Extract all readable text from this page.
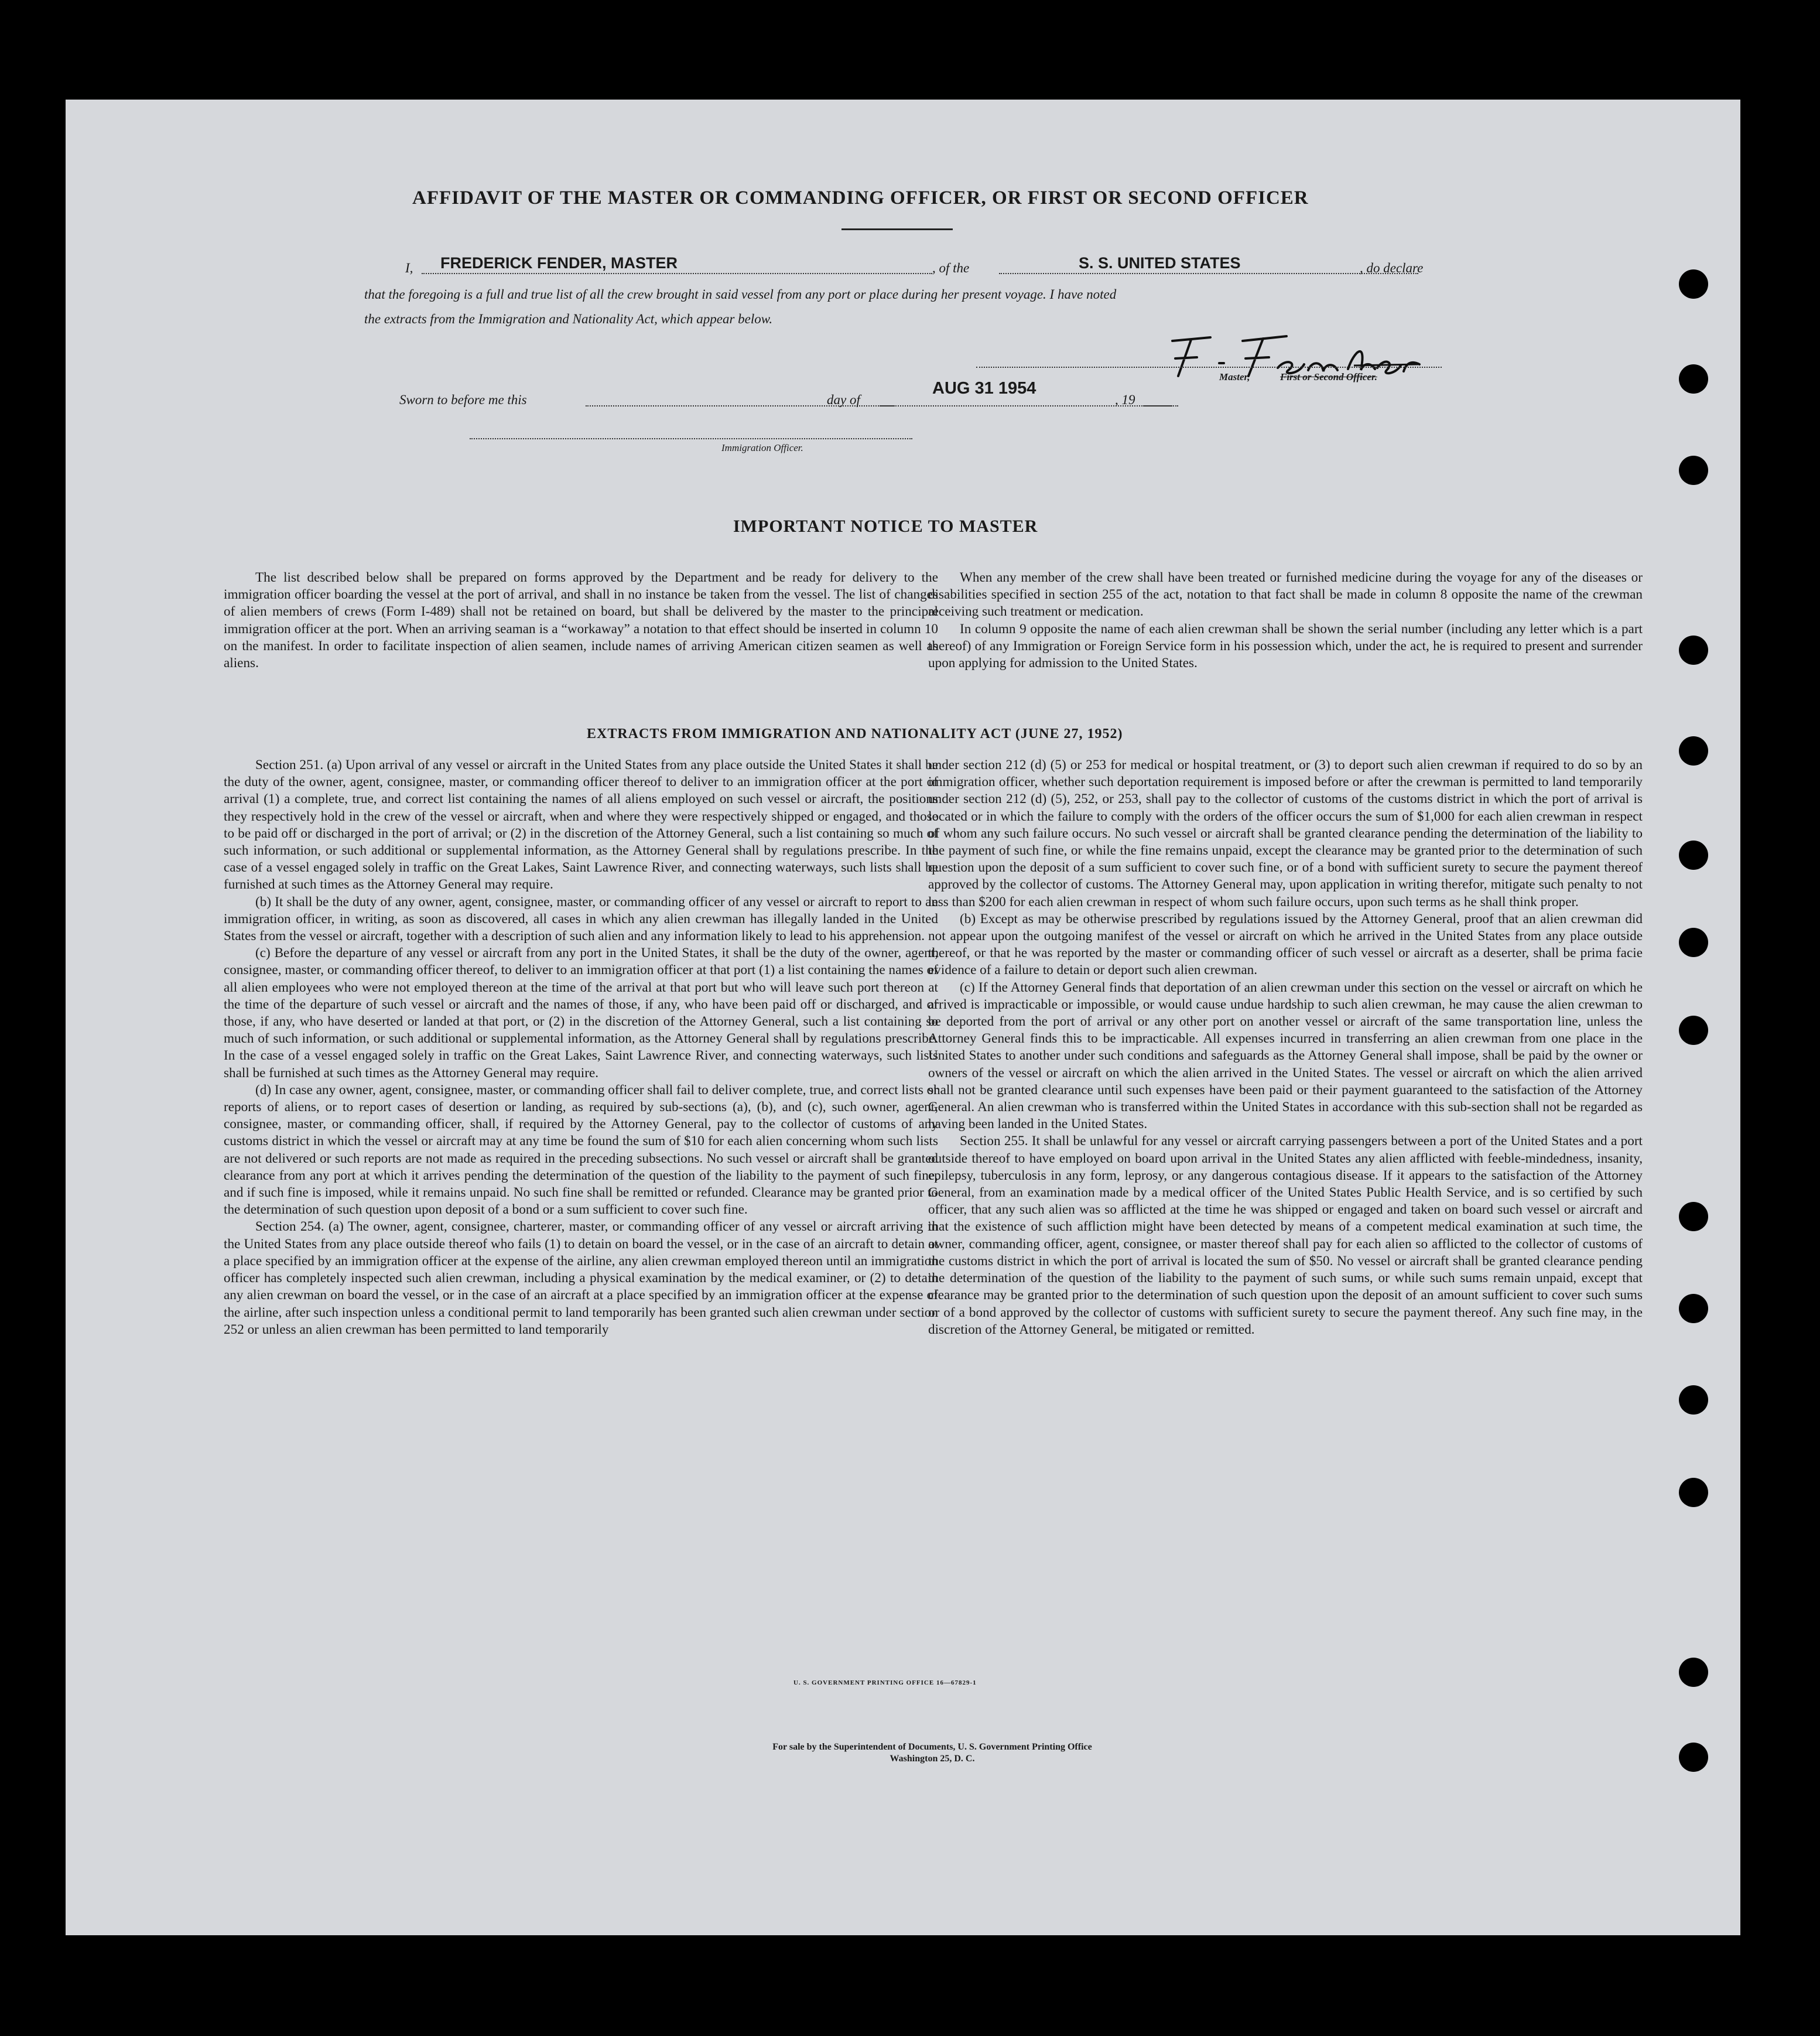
AFFIDAVIT OF THE MASTER OR COMMANDING OFFICER, OR FIRST OR SECOND OFFICER
I, FREDERICK FENDER, MASTER	, of the	S. S. UNITED STATES	, do declare
that the foregoing is a full and true list of all the crew brought in said vessel from any port or place during her present voyage. I have noted
the extracts from the Immigration and Nationality Act, which appear below.
Master,	First or Second Officer.
Sworn to before me this	day of
AUG 31 1954
, 19
Immigration Officer.
IMPORTANT NOTICE TO MASTER

The list described below shall be prepared on forms approved by the Department and be ready for delivery to the immigration officer boarding the vessel at the port of arrival, and shall in no instance be taken from the vessel. The list of changes of alien members of crews (Form I-489) shall not be retained on board, but shall be delivered by the master to the principal immigration officer at the port. When an arriving seaman is a “workaway” a notation to that effect should be inserted in column 10 on the manifest. In order to facilitate inspection of alien seamen, include names of arriving American citizen seamen as well as aliens.

When any member of the crew shall have been treated or furnished medicine during the voyage for any of the diseases or disabilities specified in section 255 of the act, notation to that fact shall be made in column 8 opposite the name of the crewman receiving such treatment or medication.

In column 9 opposite the name of each alien crewman shall be shown the serial number (including any letter which is a part thereof) of any Immigration or Foreign Service form in his possession which, under the act, he is required to present and surrender upon applying for admission to the United States.

EXTRACTS FROM IMMIGRATION AND NATIONALITY ACT (JUNE 27, 1952)

Section 251. (a) Upon arrival of any vessel or aircraft in the United States from any place outside the United States it shall be the duty of the owner, agent, consignee, master, or commanding officer thereof to deliver to an immigration officer at the port of arrival (1) a complete, true, and correct list containing the names of all aliens employed on such vessel or aircraft, the positions they respectively hold in the crew of the vessel or aircraft, when and where they were respectively shipped or engaged, and those to be paid off or discharged in the port of arrival; or (2) in the discretion of the Attorney General, such a list containing so much of such information, or such additional or supplemental information, as the Attorney General shall by regulations prescribe. In the case of a vessel engaged solely in traffic on the Great Lakes, Saint Lawrence River, and connecting waterways, such lists shall be furnished at such times as the Attorney General may require.

(b) It shall be the duty of any owner, agent, consignee, master, or commanding officer of any vessel or aircraft to report to an immigration officer, in writing, as soon as discovered, all cases in which any alien crewman has illegally landed in the United States from the vessel or aircraft, together with a description of such alien and any information likely to lead to his apprehension.

(c) Before the departure of any vessel or aircraft from any port in the United States, it shall be the duty of the owner, agent, consignee, master, or commanding officer thereof, to deliver to an immigration officer at that port (1) a list containing the names of all alien employees who were not employed thereon at the time of the arrival at that port but who will leave such port thereon at the time of the departure of such vessel or aircraft and the names of those, if any, who have been paid off or discharged, and of those, if any, who have deserted or landed at that port, or (2) in the discretion of the Attorney General, such a list containing so much of such information, or such additional or supplemental information, as the Attorney General shall by regulations prescribe. In the case of a vessel engaged solely in traffic on the Great Lakes, Saint Lawrence River, and connecting waterways, such lists shall be furnished at such times as the Attorney General may require.

(d) In case any owner, agent, consignee, master, or commanding officer shall fail to deliver complete, true, and correct lists or reports of aliens, or to report cases of desertion or landing, as required by sub-sections (a), (b), and (c), such owner, agent, consignee, master, or commanding officer, shall, if required by the Attorney General, pay to the collector of customs of any customs district in which the vessel or aircraft may at any time be found the sum of $10 for each alien concerning whom such lists are not delivered or such reports are not made as required in the preceding subsections. No such vessel or aircraft shall be granted clearance from any port at which it arrives pending the determination of the question of the liability to the payment of such fine, and if such fine is imposed, while it remains unpaid. No such fine shall be remitted or refunded. Clearance may be granted prior to the determination of such question upon deposit of a bond or a sum sufficient to cover such fine.

Section 254. (a) The owner, agent, consignee, charterer, master, or commanding officer of any vessel or aircraft arriving in the United States from any place outside thereof who fails (1) to detain on board the vessel, or in the case of an aircraft to detain at a place specified by an immigration officer at the expense of the airline, any alien crewman employed thereon until an immigration officer has completely inspected such alien crewman, including a physical examination by the medical examiner, or (2) to detain any alien crewman on board the vessel, or in the case of an aircraft at a place specified by an immigration officer at the expense of the airline, after such inspection unless a conditional permit to land temporarily has been granted such alien crewman under section 252 or unless an alien crewman has been permitted to land temporarily

under section 212 (d) (5) or 253 for medical or hospital treatment, or (3) to deport such alien crewman if required to do so by an immigration officer, whether such deportation requirement is imposed before or after the crewman is permitted to land temporarily under section 212 (d) (5), 252, or 253, shall pay to the collector of customs of the customs district in which the port of arrival is located or in which the failure to comply with the orders of the officer occurs the sum of $1,000 for each alien crewman in respect of whom any such failure occurs. No such vessel or aircraft shall be granted clearance pending the determination of the liability to the payment of such fine, or while the fine remains unpaid, except the clearance may be granted prior to the determination of such question upon the deposit of a sum sufficient to cover such fine, or of a bond with sufficient surety to secure the payment thereof approved by the collector of customs. The Attorney General may, upon application in writing therefor, mitigate such penalty to not less than $200 for each alien crewman in respect of whom such failure occurs, upon such terms as he shall think proper.

(b) Except as may be otherwise prescribed by regulations issued by the Attorney General, proof that an alien crewman did not appear upon the outgoing manifest of the vessel or aircraft on which he arrived in the United States from any place outside thereof, or that he was reported by the master or commanding officer of such vessel or aircraft as a deserter, shall be prima facie evidence of a failure to detain or deport such alien crewman.

(c) If the Attorney General finds that deportation of an alien crewman under this section on the vessel or aircraft on which he arrived is impracticable or impossible, or would cause undue hardship to such alien crewman, he may cause the alien crewman to be deported from the port of arrival or any other port on another vessel or aircraft of the same transportation line, unless the Attorney General finds this to be impracticable. All expenses incurred in transferring an alien crewman from one place in the United States to another under such conditions and safeguards as the Attorney General shall impose, shall be paid by the owner or owners of the vessel or aircraft on which the alien arrived in the United States. The vessel or aircraft on which the alien arrived shall not be granted clearance until such expenses have been paid or their payment guaranteed to the satisfaction of the Attorney General. An alien crewman who is transferred within the United States in accordance with this sub-section shall not be regarded as having been landed in the United States.

Section 255. It shall be unlawful for any vessel or aircraft carrying passengers between a port of the United States and a port outside thereof to have employed on board upon arrival in the United States any alien afflicted with feeble-mindedness, insanity, epilepsy, tuberculosis in any form, leprosy, or any dangerous contagious disease. If it appears to the satisfaction of the Attorney General, from an examination made by a medical officer of the United States Public Health Service, and is so certified by such officer, that any such alien was so afflicted at the time he was shipped or engaged and taken on board such vessel or aircraft and that the existence of such affliction might have been detected by means of a competent medical examination at such time, the owner, commanding officer, agent, consignee, or master thereof shall pay for each alien so afflicted to the collector of customs of the customs district in which the port of arrival is located the sum of $50. No vessel or aircraft shall be granted clearance pending the determination of the question of the liability to the payment of such sums, or while such sums remain unpaid, except that clearance may be granted prior to the determination of such question upon the deposit of an amount sufficient to cover such sums or of a bond approved by the collector of customs with sufficient surety to secure the payment thereof. Any such fine may, in the discretion of the Attorney General, be mitigated or remitted.

U. S. GOVERNMENT PRINTING OFFICE 16—67829-1
For sale by the Superintendent of Documents, U. S. Government Printing Office
Washington 25, D. C.
